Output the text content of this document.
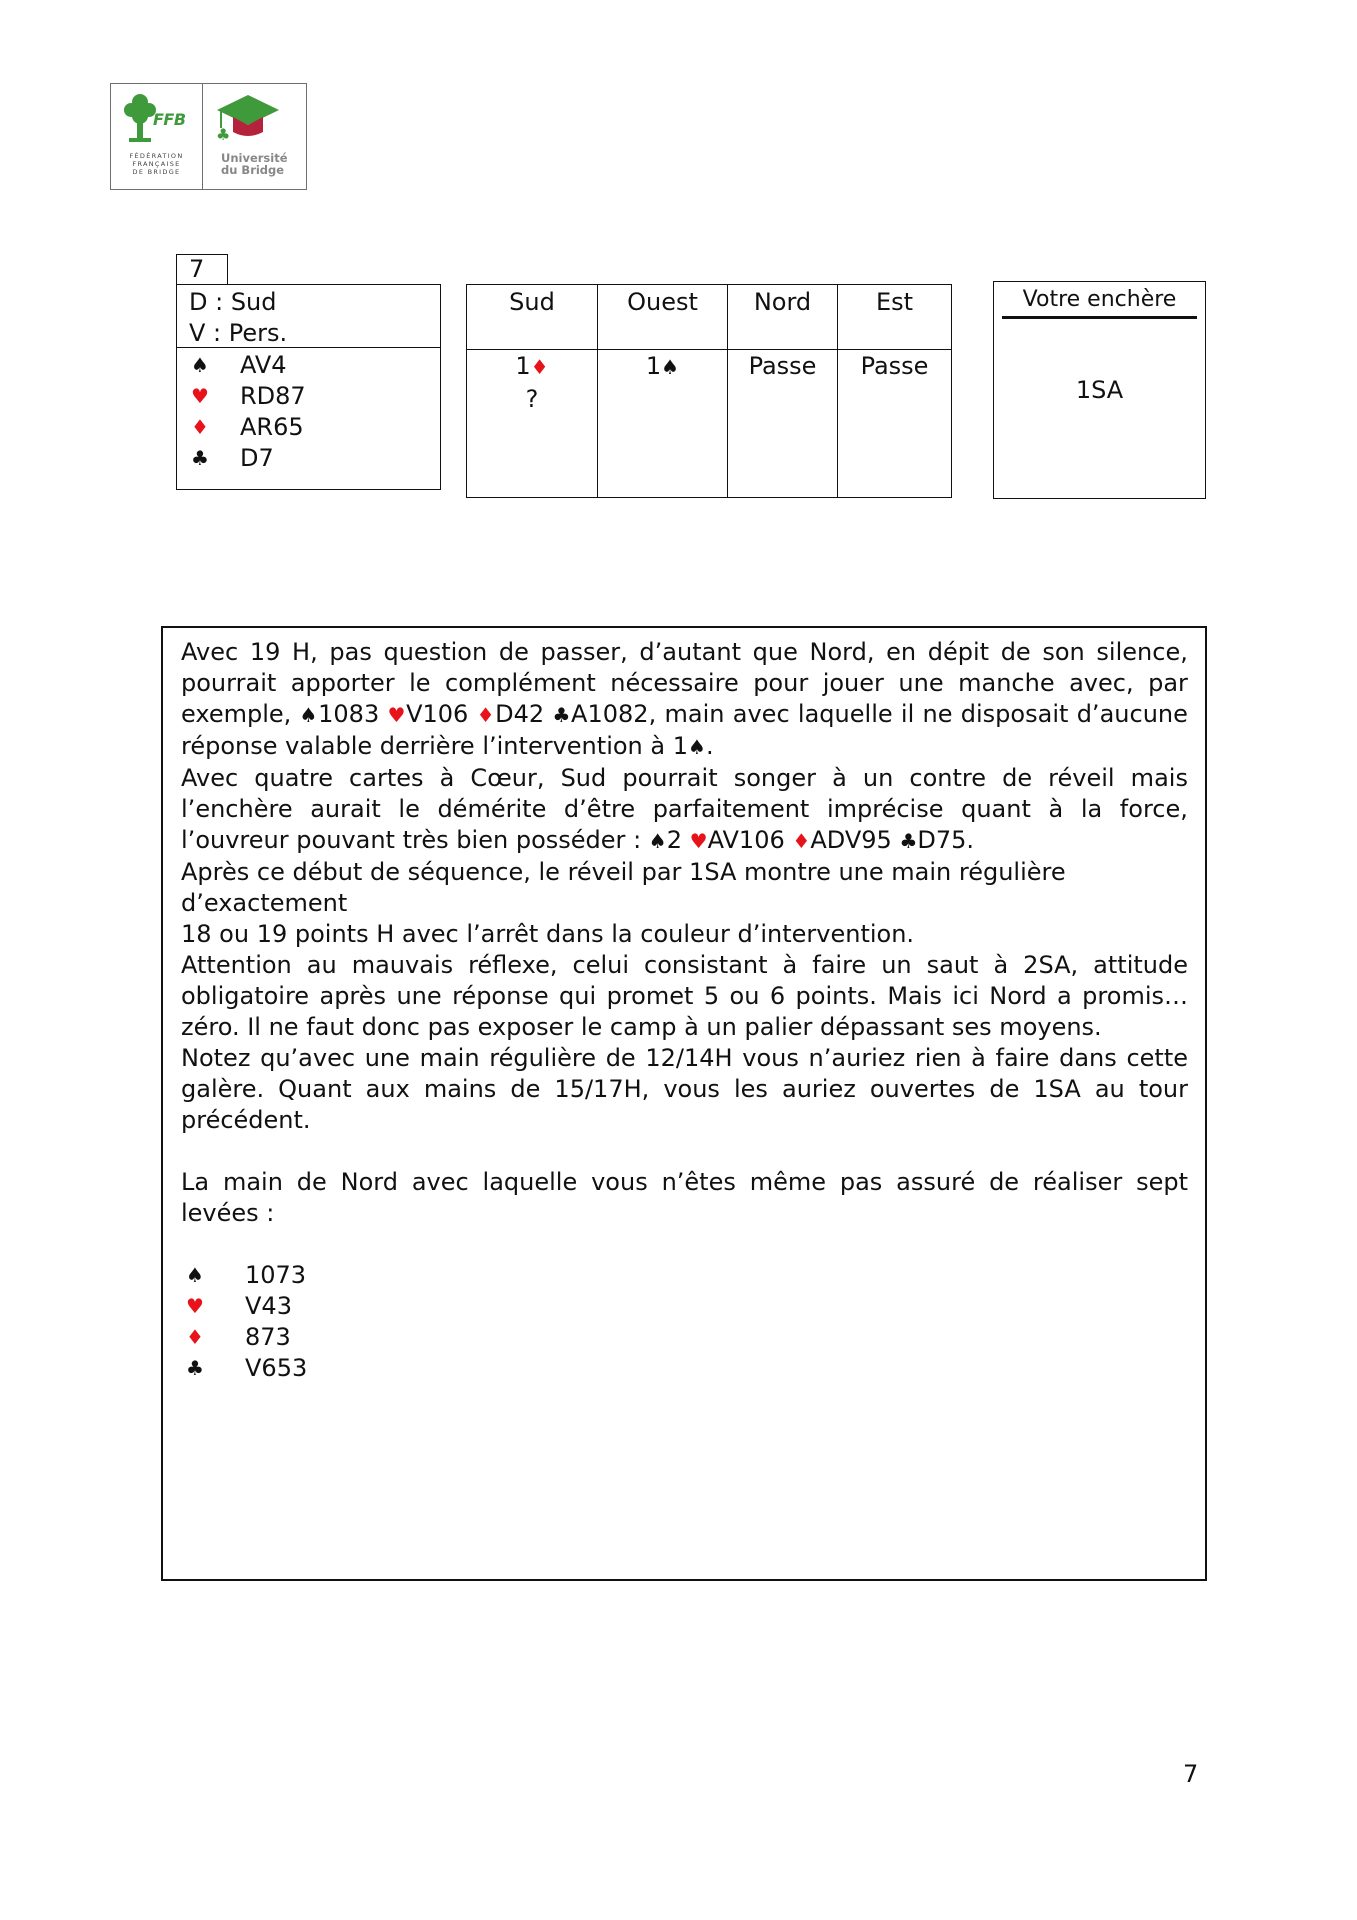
FFB
FÉDÉRATION
FRANÇAISE
DE BRIDGE
♣
Université
du Bridge
7
D : Sud
V : Pers.
♠ AV4
♥ RD87
♦ AR65
♣ D7
Sud
1♦
?
Ouest
1♠
Nord
Passe
Est
Passe
Votre enchère
1SA

Avec 19 H, pas question de passer, d’autant que Nord, en dépit de son silence, pourrait apporter le complément nécessaire pour jouer une manche avec, par exemple, ♠1083 ♥V106 ♦D42 ♣A1082, main avec laquelle il ne disposait d’aucune réponse valable derrière l’intervention à 1♠.

Avec quatre cartes à Cœur, Sud pourrait songer à un contre de réveil mais l’enchère aurait le démérite d’être parfaitement imprécise quant à la force, l’ouvreur pouvant très bien posséder : ♠2 ♥AV106 ♦ADV95 ♣D75.

Après ce début de séquence, le réveil par 1SA montre une main régulière d’exactement

18 ou 19 points H avec l’arrêt dans la couleur d’intervention.

Attention au mauvais réflexe, celui consistant à faire un saut à 2SA, attitude obligatoire après une réponse qui promet 5 ou 6 points. Mais ici Nord a promis…zéro. Il ne faut donc pas exposer le camp à un palier dépassant ses moyens.

Notez qu’avec une main régulière de 12/14H vous n’auriez rien à faire dans cette galère. Quant aux mains de 15/17H, vous les auriez ouvertes de 1SA au tour précédent.

La main de Nord avec laquelle vous n’êtes même pas assuré de réaliser sept levées :

♠ 1073
♥ V43
♦ 873
♣ V653
7
